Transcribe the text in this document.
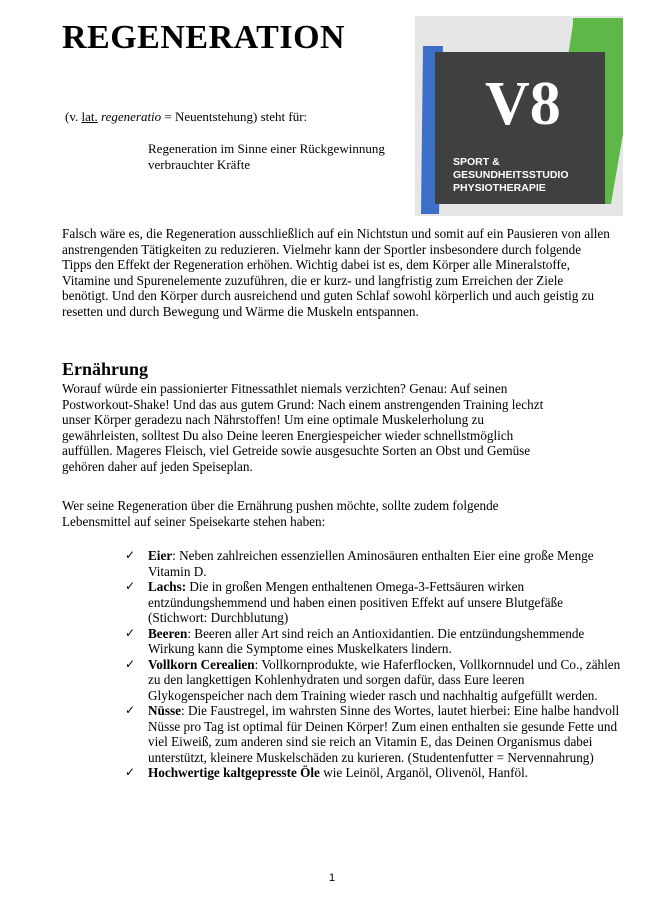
REGENERATION
V8
SPORT &
GESUNDHEITSSTUDIO
PHYSIOTHERAPIE
(v. lat. regeneratio = Neuentstehung) steht für:
Regeneration im Sinne einer Rückgewinnung verbrauchter Kräfte

Falsch wäre es, die Regeneration ausschließlich auf ein Nichtstun und somit auf ein Pausieren von allen anstrengenden Tätigkeiten zu reduzieren. Vielmehr kann der Sportler insbesondere durch folgende Tipps den Effekt der Regeneration erhöhen. Wichtig dabei ist es, dem Körper alle Mineralstoffe, Vitamine und Spurenelemente zuzuführen, die er kurz- und langfristig zum Erreichen der Ziele benötigt. Und den Körper durch ausreichend und guten Schlaf sowohl körperlich und auch geistig zu resetten und durch Bewegung und Wärme die Muskeln entspannen.

Ernährung

Worauf würde ein passionierter Fitnessathlet niemals verzichten? Genau: Auf seinen Postworkout-Shake! Und das aus gutem Grund: Nach einem anstrengenden Training lechzt unser Körper geradezu nach Nährstoffen! Um eine optimale Muskelerholung zu gewährleisten, solltest Du also Deine leeren Energiespeicher wieder schnellstmöglich auffüllen. Mageres Fleisch, viel Getreide sowie ausgesuchte Sorten an Obst und Gemüse gehören daher auf jeden Speiseplan.

Wer seine Regeneration über die Ernährung pushen möchte, sollte zudem folgende Lebensmittel auf seiner Speisekarte stehen haben:

✓ Eier: Neben zahlreichen essenziellen Aminosäuren enthalten Eier eine große Menge Vitamin D.
✓ Lachs: Die in großen Mengen enthaltenen Omega-3-Fettsäuren wirken entzündungshemmend und haben einen positiven Effekt auf unsere Blutgefäße (Stichwort: Durchblutung)
✓ Beeren: Beeren aller Art sind reich an Antioxidantien. Die entzündungshemmende Wirkung kann die Symptome eines Muskelkaters lindern.
✓ Vollkorn Cerealien: Vollkornprodukte, wie Haferflocken, Vollkornnudel und Co., zählen zu den langkettigen Kohlenhydraten und sorgen dafür, dass Eure leeren Glykogenspeicher nach dem Training wieder rasch und nachhaltig aufgefüllt werden.
✓ Nüsse: Die Faustregel, im wahrsten Sinne des Wortes, lautet hierbei: Eine halbe handvoll Nüsse pro Tag ist optimal für Deinen Körper! Zum einen enthalten sie gesunde Fette und viel Eiweiß, zum anderen sind sie reich an Vitamin E, das Deinen Organismus dabei unterstützt, kleinere Muskelschäden zu kurieren. (Studentenfutter = Nervennahrung)
✓ Hochwertige kaltgepresste Öle wie Leinöl, Arganöl, Olivenöl, Hanföl.
1
